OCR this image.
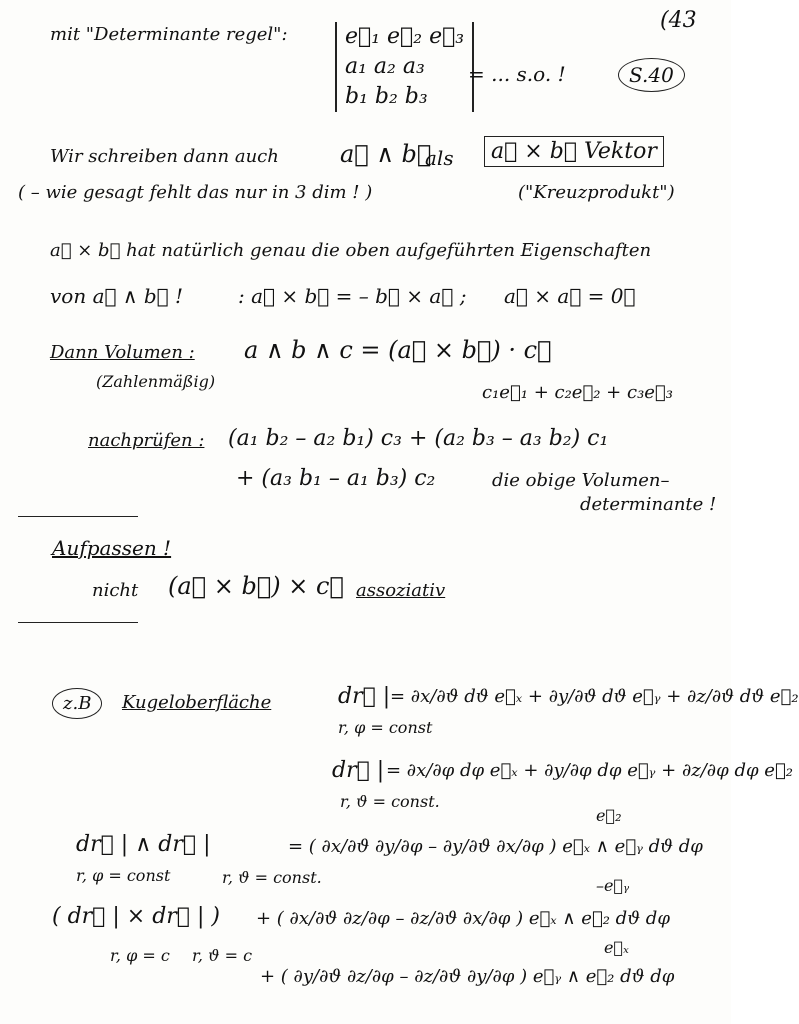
(43
mit "Determinante regel":	e⃗₁ e⃗₂ e⃗₃
a₁ a₂ a₃
b₁ b₂ b₃
= ... s.o. !	S.40
Wir schreiben dann auch	a⃗ ∧ b⃗
als	a⃗ × b⃗ Vektor
( – wie gesagt fehlt das nur in 3 dim ! )	("Kreuzprodukt")
a⃗ × b⃗ hat natürlich genau die oben aufgeführten Eigenschaften
von a⃗ ∧ b⃗ !	: a⃗ × b⃗ = – b⃗ × a⃗ ; a⃗ × a⃗ = 0⃗
Dann Volumen :
(Zahlenmäßig)
a ∧ b ∧ c = (a⃗ × b⃗) · c⃗
c₁e⃗₁ + c₂e⃗₂ + c₃e⃗₃
nachprüfen : (a₁ b₂ – a₂ b₁) c₃ + (a₂ b₃ – a₃ b₂) c₁
+ (a₃ b₁ – a₁ b₃) c₂	die obige Volumen–
determinante !
Aufpassen !
nicht (a⃗ × b⃗) × c⃗ assoziativ
z.B	Kugeloberfläche	dr⃗ |
r, φ = const
= ∂x/∂ϑ dϑ e⃗ₓ + ∂y/∂ϑ dϑ e⃗ᵧ + ∂z/∂ϑ dϑ e⃗₂
dr⃗ |
r, ϑ = const.
= ∂x/∂φ dφ e⃗ₓ + ∂y/∂φ dφ e⃗ᵧ + ∂z/∂φ dφ e⃗₂
dr⃗ | ∧ dr⃗ |
r, φ = const	r, ϑ = const.
= ( ∂x/∂ϑ ∂y/∂φ – ∂y/∂ϑ ∂x/∂φ ) e⃗ₓ ∧ e⃗ᵧ dϑ dφ
e⃗₂
( dr⃗ | × dr⃗ | )
r, φ = c r, ϑ = c
+ ( ∂x/∂ϑ ∂z/∂φ – ∂z/∂ϑ ∂x/∂φ ) e⃗ₓ ∧ e⃗₂ dϑ dφ
–e⃗ᵧ
+ ( ∂y/∂ϑ ∂z/∂φ – ∂z/∂ϑ ∂y/∂φ ) e⃗ᵧ ∧ e⃗₂ dϑ dφ
e⃗ₓ
